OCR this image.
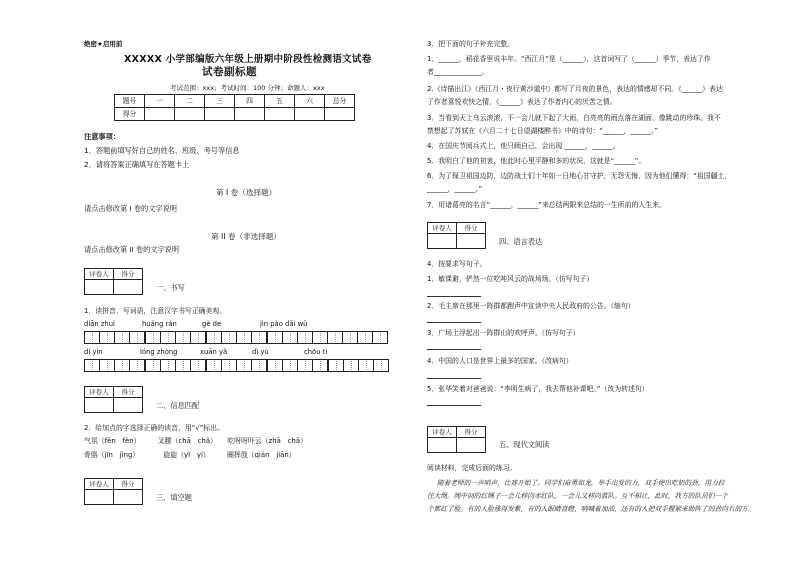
绝密★启用前
XXXXX 小学部编版六年级上册期中阶段性检测语文试卷
试卷副标题
考试范围：xxx；考试时间：100 分钟；命题人：xxx
题号	一	二	三	四	五	六	总分
得分							
注意事项：
1．答题前填写好自己的姓名、班级、考号等信息
2．请将答案正确填写在答题卡上
第 I 卷（选择题）
请点击修改第 I 卷的文字说明
第 II 卷（非选择题）
请点击修改第 II 卷的文字说明
评卷人	得分

一、书写
1．读拼音，写词语，注意汉字书写正确美观。
diān zhuì	huáng rán	gè de	jìn pào dǎi wǔ
dí yín	lóng zhòng	xuān yǎ	dì yù	chōu tì
评卷人	得分

二、信息匹配
2．给加点的字选择正确的读音，用“√”标出。
气氛（fēn　fèn）　　　叉腰（chā　chǎ）　　吃呀呀吓云（zhā　chā）
骨胳（jīn　jìng）　　　　旋旋（yī　yí）　　　圈挥戗（qián　jiān）
评卷人	得分

三、填空题
3．把下面的句子补充完整。
1．______，稻花香里说丰年。“西江月”是（______），这首词写了（______）季节，表达了作
者______________。
2.《诗描出江》《西江月・夜行黄沙道中》都写了月夜的景色，表达的情感却不同。《______》表达
了作者喜悦欢快之情，《______》表达了作者内心的厌苦之情。
3．当看到天上乌云滚滚，不一会儿就下起了大雨，白亮亮的雨点落在湖面，像跳动的珍珠。我不
禁想起了苏轼在《六月二十七日望湖楼醉书》中的诗句：“______，______。”
4．在国庆节阅兵式上，他只顾自己，会出现 ______，______。
5．我明白了他的初衷，他此时心里平静和多的状况，这就是“______”。
6．为了保卫祖国边防，边防战士们十年如一日地心甘守护，无怨无悔，因为他们懂得：“祖国疆土，
______，______。”
7．用诸葛亮的名言“______，______”来总结两限来总结的一生所前的人生来。
评卷人	得分

四、语言表达
4．按要求写句子。
1．敏课避，俨然一位吃吨风云的战场场。（仿写句子）
2．毛主席在那里一阵群都跑声中宣读中央人民政府的公告。（缩句）
3．广场上浮起出一阵群山的欢呼声。（仿写句子）
4．中国的人口是世界上最多的国家。（改病句）
5．张华笑着对爸爸说：“李明生病了，我去帮他补课吧。”（改为转述句）
评卷人	得分

五、现代文阅读
阅读材料，完成后面的练习。
随着老师的一声哨声，比赛开始了。同学们奋勇如龙，举手出发的力，双手使出吃奶的劲，用力拉
住大绳。绳中间的红绸子一会儿移向赤红队，一会儿又移向蓝队。互不相让，此时，我方的队员们一个
个都红了脸。有的人脸涨得发紫，有的人眼睛直瞪，呐喊着加油，还有的人把双手握紧来助阵了的劲向右的方。
